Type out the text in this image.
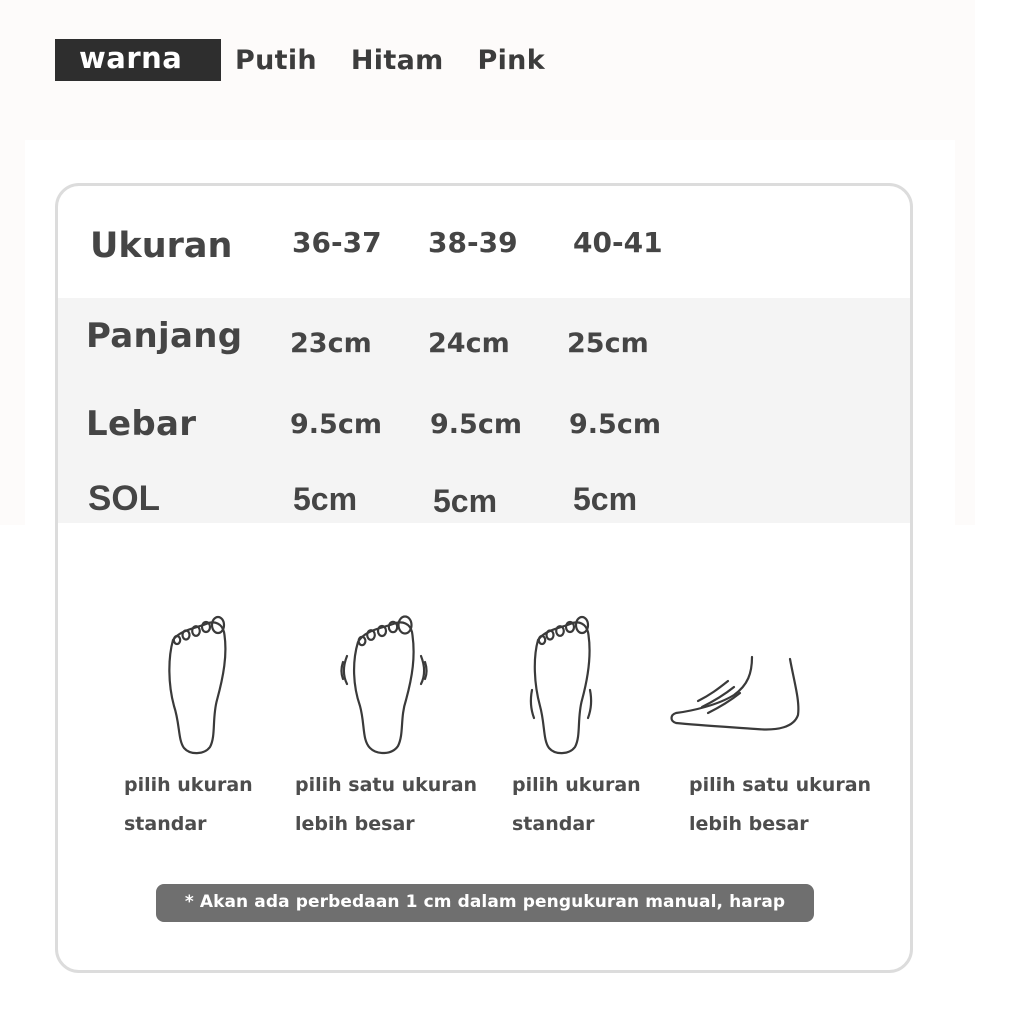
warna	Putih Hitam Pink
Ukuran 36-37 38-39 40-41
Panjang 23cm 24cm 25cm
Lebar	9.5cm 9.5cm 9.5cm
SOL	5cm 5cm 5cm
pilih ukuran
standar
pilih satu ukuran
lebih besar
pilih ukuran
standar
pilih satu ukuran
lebih besar
* Akan ada perbedaan 1 cm dalam pengukuran manual, harap dipaham
